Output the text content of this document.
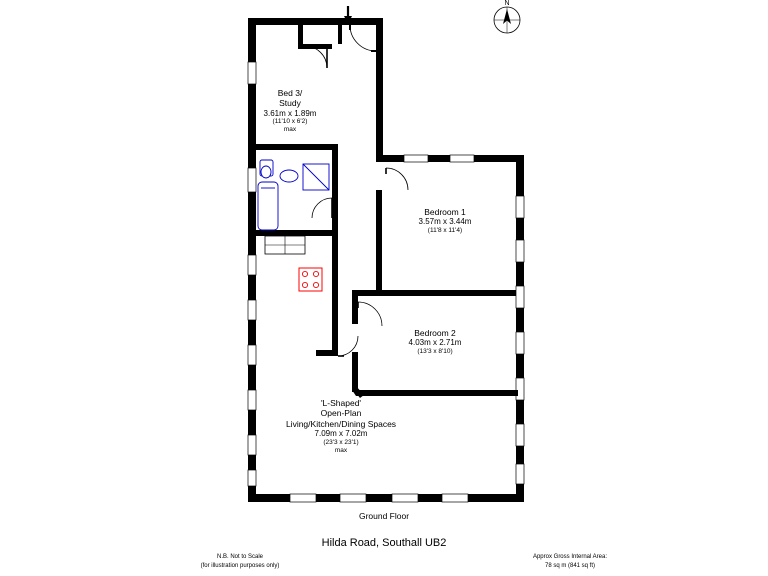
Bed 3/
Study
3.61m x 1.89m
(11'10 x 6'2)
max
Bedroom 1
3.57m x 3.44m
(11'8 x 11'4)
Bedroom 2
4.03m x 2.71m
(13'3 x 8'10)
'L-Shaped'
Open-Plan
Living/Kitchen/Dining Spaces
7.09m x 7.02m
(23'3 x 23'1)
max
N
Ground Floor
Hilda Road, Southall UB2
N.B. Not to Scale
(for illustration purposes only)
Approx Gross Internal Area:
78 sq m (841 sq ft)
